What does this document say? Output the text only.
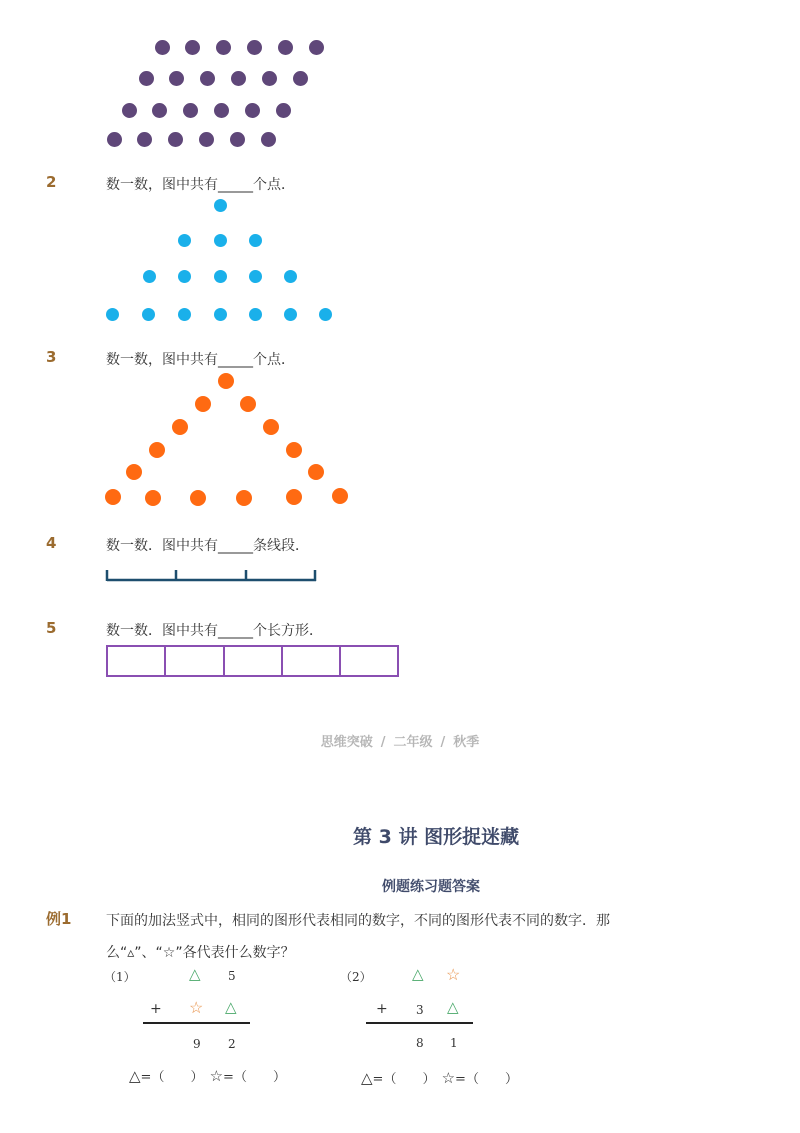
2	数一数，图中共有_____个点．
3	数一数，图中共有_____个点．
4	数一数．图中共有_____条线段．
5	数一数．图中共有_____个长方形．
思维突破 / 二年级 / 秋季
第 3 讲 图形捉迷藏
例题练习题答案
例1 下面的加法竖式中，相同的图形代表相同的数字，不同的图形代表不同的数字．那
么“▵”、“☆”各代表什么数字？
（1）	△ 5
+ ☆ △
9 2
△=（　　） ☆=（　　）
（2）	△ ☆
+ 3 △
8 1
△=（　　） ☆=（　　）
